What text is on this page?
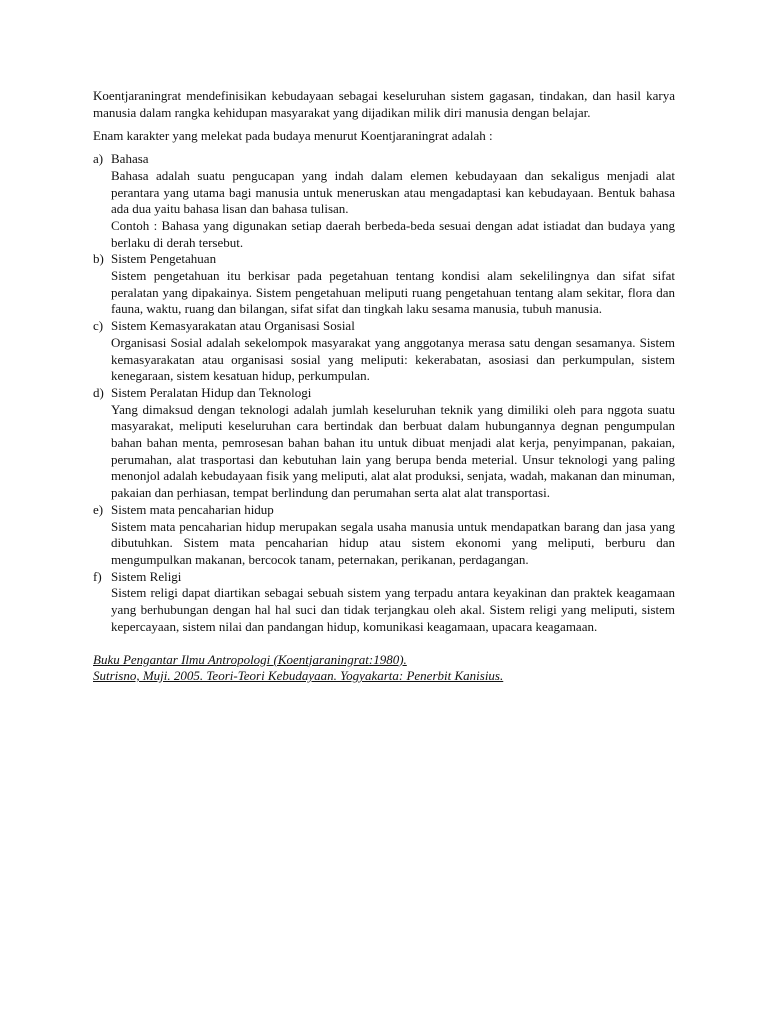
Koentjaraningrat mendefinisikan kebudayaan sebagai keseluruhan sistem gagasan, tindakan, dan hasil karya manusia dalam rangka kehidupan masyarakat yang dijadikan milik diri manusia dengan belajar.

Enam karakter yang melekat pada budaya menurut Koentjaraningrat adalah :

a) Bahasa

Bahasa adalah suatu pengucapan yang indah dalam elemen kebudayaan dan sekaligus menjadi alat perantara yang utama bagi manusia untuk meneruskan atau mengadaptasi kan kebudayaan. Bentuk bahasa ada dua yaitu bahasa lisan dan bahasa tulisan.

Contoh : Bahasa yang digunakan setiap daerah berbeda-beda sesuai dengan adat istiadat dan budaya yang berlaku di derah tersebut.

b) Sistem Pengetahuan

Sistem pengetahuan itu berkisar pada pegetahuan tentang kondisi alam sekelilingnya dan sifat sifat peralatan yang dipakainya. Sistem pengetahuan meliputi ruang pengetahuan tentang alam sekitar, flora dan fauna, waktu, ruang dan bilangan, sifat sifat dan tingkah laku sesama manusia, tubuh manusia.

c) Sistem Kemasyarakatan atau Organisasi Sosial

Organisasi Sosial adalah sekelompok masyarakat yang anggotanya merasa satu dengan sesamanya. Sistem kemasyarakatan atau organisasi sosial yang meliputi: kekerabatan, asosiasi dan perkumpulan, sistem kenegaraan, sistem kesatuan hidup, perkumpulan.

d) Sistem Peralatan Hidup dan Teknologi

Yang dimaksud dengan teknologi adalah jumlah keseluruhan teknik yang dimiliki oleh para nggota suatu masyarakat, meliputi keseluruhan cara bertindak dan berbuat dalam hubungannya degnan pengumpulan bahan bahan menta, pemrosesan bahan bahan itu untuk dibuat menjadi alat kerja, penyimpanan, pakaian, perumahan, alat trasportasi dan kebutuhan lain yang berupa benda meterial. Unsur teknologi yang paling menonjol adalah kebudayaan fisik yang meliputi, alat alat produksi, senjata, wadah, makanan dan minuman, pakaian dan perhiasan, tempat berlindung dan perumahan serta alat alat transportasi.

e) Sistem mata pencaharian hidup

Sistem mata pencaharian hidup merupakan segala usaha manusia untuk mendapatkan barang dan jasa yang dibutuhkan. Sistem mata pencaharian hidup atau sistem ekonomi yang meliputi, berburu dan mengumpulkan makanan, bercocok tanam, peternakan, perikanan, perdagangan.

f) Sistem Religi

Sistem religi dapat diartikan sebagai sebuah sistem yang terpadu antara keyakinan dan praktek keagamaan yang berhubungan dengan hal hal suci dan tidak terjangkau oleh akal. Sistem religi yang meliputi, sistem kepercayaan, sistem nilai dan pandangan hidup, komunikasi keagamaan, upacara keagamaan.

Buku Pengantar Ilmu Antropologi (Koentjaraningrat:1980).
Sutrisno, Muji. 2005. Teori-Teori Kebudayaan. Yogyakarta: Penerbit Kanisius.
